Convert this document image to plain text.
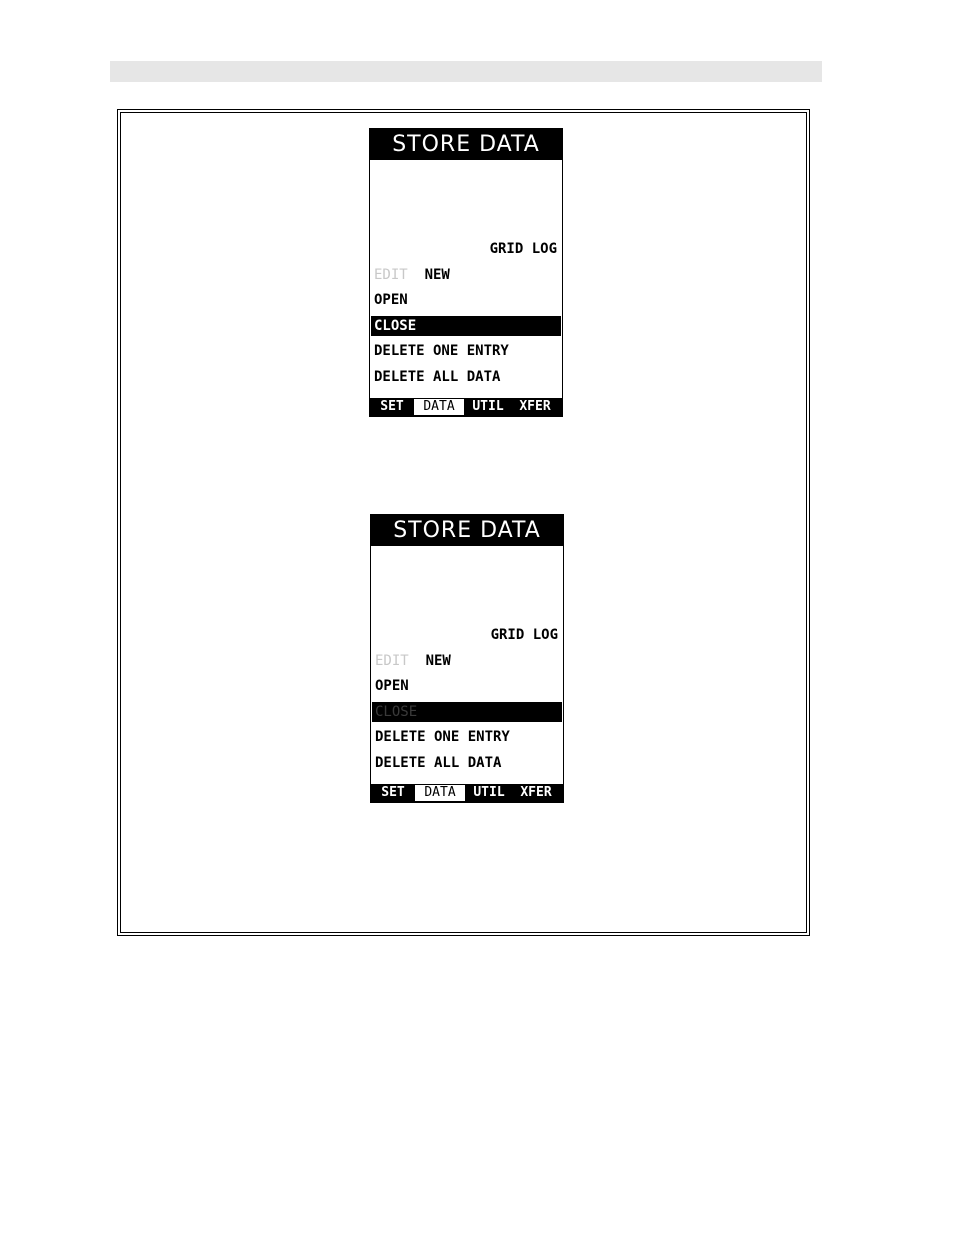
STORE DATA

NEW

GRID LOG

EDIT
OPEN
CLOSE
DELETE ONE ENTRY
DELETE ALL DATA
SET	DATA	UTIL	XFER
STORE DATA

NEW

GRID LOG

EDIT
OPEN
CLOSE
DELETE ONE ENTRY
DELETE ALL DATA
SET	DATA	UTIL	XFER
